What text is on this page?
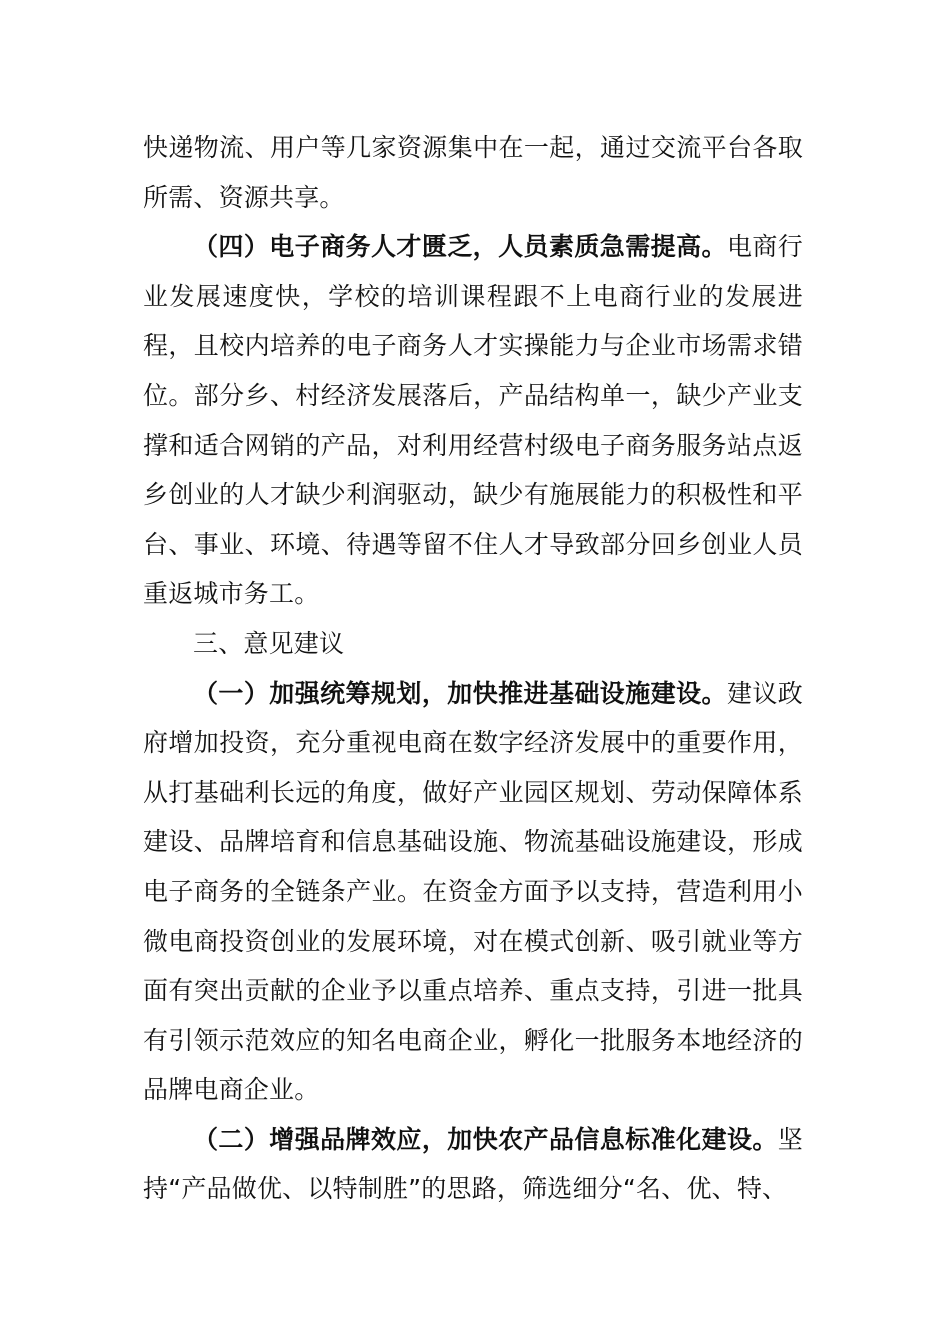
快递物流、用户等几家资源集中在一起，通过交流平台各取所需、资源共享。

（四）电子商务人才匮乏，人员素质急需提高。电商行业发展速度快，学校的培训课程跟不上电商行业的发展进程，且校内培养的电子商务人才实操能力与企业市场需求错位。部分乡、村经济发展落后，产品结构单一，缺少产业支撑和适合网销的产品，对利用经营村级电子商务服务站点返乡创业的人才缺少利润驱动，缺少有施展能力的积极性和平台、事业、环境、待遇等留不住人才导致部分回乡创业人员重返城市务工。

三、意见建议

（一）加强统筹规划，加快推进基础设施建设。建议政府增加投资，充分重视电商在数字经济发展中的重要作用，从打基础利长远的角度，做好产业园区规划、劳动保障体系建设、品牌培育和信息基础设施、物流基础设施建设，形成电子商务的全链条产业。在资金方面予以支持，营造利用小微电商投资创业的发展环境，对在模式创新、吸引就业等方面有突出贡献的企业予以重点培养、重点支持，引进一批具有引领示范效应的知名电商企业，孵化一批服务本地经济的品牌电商企业。

（二）增强品牌效应，加快农产品信息标准化建设。坚持“产品做优、以特制胜”的思路，筛选细分“名、优、特、
